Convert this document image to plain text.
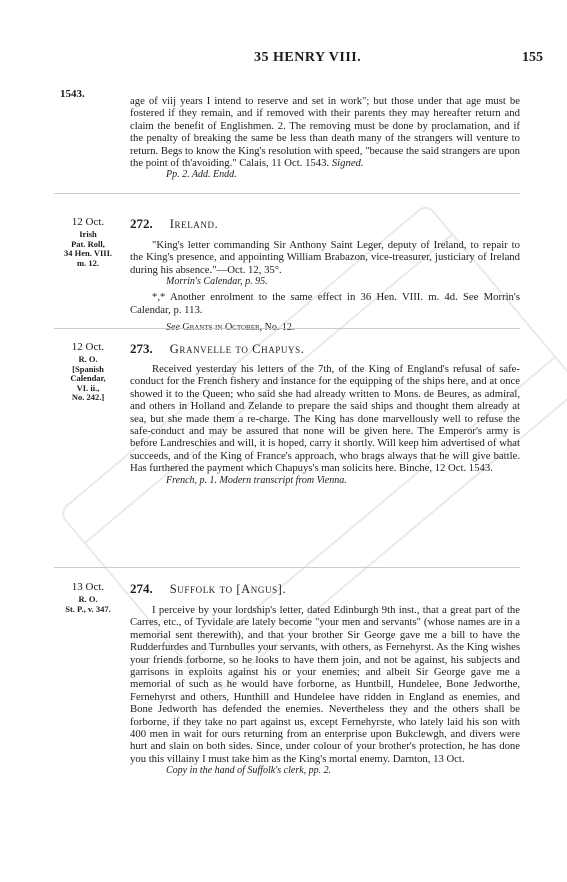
35 HENRY VIII.	155
1543.

age of viij years I intend to reserve and set in work"; but those under that age must be fostered if they remain, and if removed with their parents they may hereafter return and claim the benefit of Englishmen. 2. The removing must be done by proclamation, and if the penalty of breaking the same be less than death many of the strangers will venture to return. Begs to know the King's resolution with speed, "because the said strangers are upon the point of th'avoiding." Calais, 11 Oct. 1543. Signed.

Pp. 2. Add. Endd.

12 Oct.
Irish
Pat. Roll,
34 Hen. VIII.
m. 12.
272. Ireland.

"King's letter commanding Sir Anthony Saint Leger, deputy of Ireland, to repair to the King's presence, and appointing William Brabazon, vice-treasurer, justiciary of Ireland during his absence."—Oct. 12, 35°.

Morrin's Calendar, p. 95.

*,* Another enrolment to the same effect in 36 Hen. VIII. m. 4d. See Morrin's Calendar, p. 113.

See Grants in October, No. 12.

12 Oct.
R. O.
[Spanish
Calendar,
VI. ii.,
No. 242.]
273. Granvelle to Chapuys.

Received yesterday his letters of the 7th, of the King of England's refusal of safe-conduct for the French fishery and instance for the equipping of the ships here, and at once showed it to the Queen; who said she had already written to Mons. de Beures, as admiral, and others in Holland and Zelande to prepare the said ships and thought them already at sea, but she made them a re-charge. The King has done marvellously well to refuse the safe-conduct and may be assured that none will be given here. The Emperor's army is before Landreschies and will, it is hoped, carry it shortly. Will keep him advertised of what succeeds, and of the King of France's approach, who brags always that he will give battle. Has furthered the payment which Chapuys's man solicits here. Binche, 12 Oct. 1543.

French, p. 1. Modern transcript from Vienna.

13 Oct.
R. O.
St. P., v. 347.
274. Suffolk to [Angus].

I perceive by your lordship's letter, dated Edinburgh 9th inst., that a great part of the Carres, etc., of Tyvidale are lately become "your men and servants" (whose names are in a memorial sent therewith), and that your brother Sir George gave me a bill to have the Rudderfurdes and Turnbulles your servants, with others, as Fernehyrst. As the King wishes your friends forborne, so he looks to have them join, and not be against, his subjects and garrisons in exploits against his or your enemies; and albeit Sir George gave me a memorial of such as he would have forborne, as Huntbill, Hundelee, Bone Jedworthe, Fernehyrst and others, Hunthill and Hundelee have ridden in England as enemies, and Bone Jedworth has defended the enemies. Nevertheless they and the others shall be forborne, if they take no part against us, except Fernehyrste, who lately laid his son with 400 men in wait for ours returning from an enterprise upon Bukclewgh, and divers were hurt and slain on both sides. Since, under colour of your brother's protection, he has done you this villainy I must take him as the King's mortal enemy. Darnton, 13 Oct.

Copy in the hand of Suffolk's clerk, pp. 2.
